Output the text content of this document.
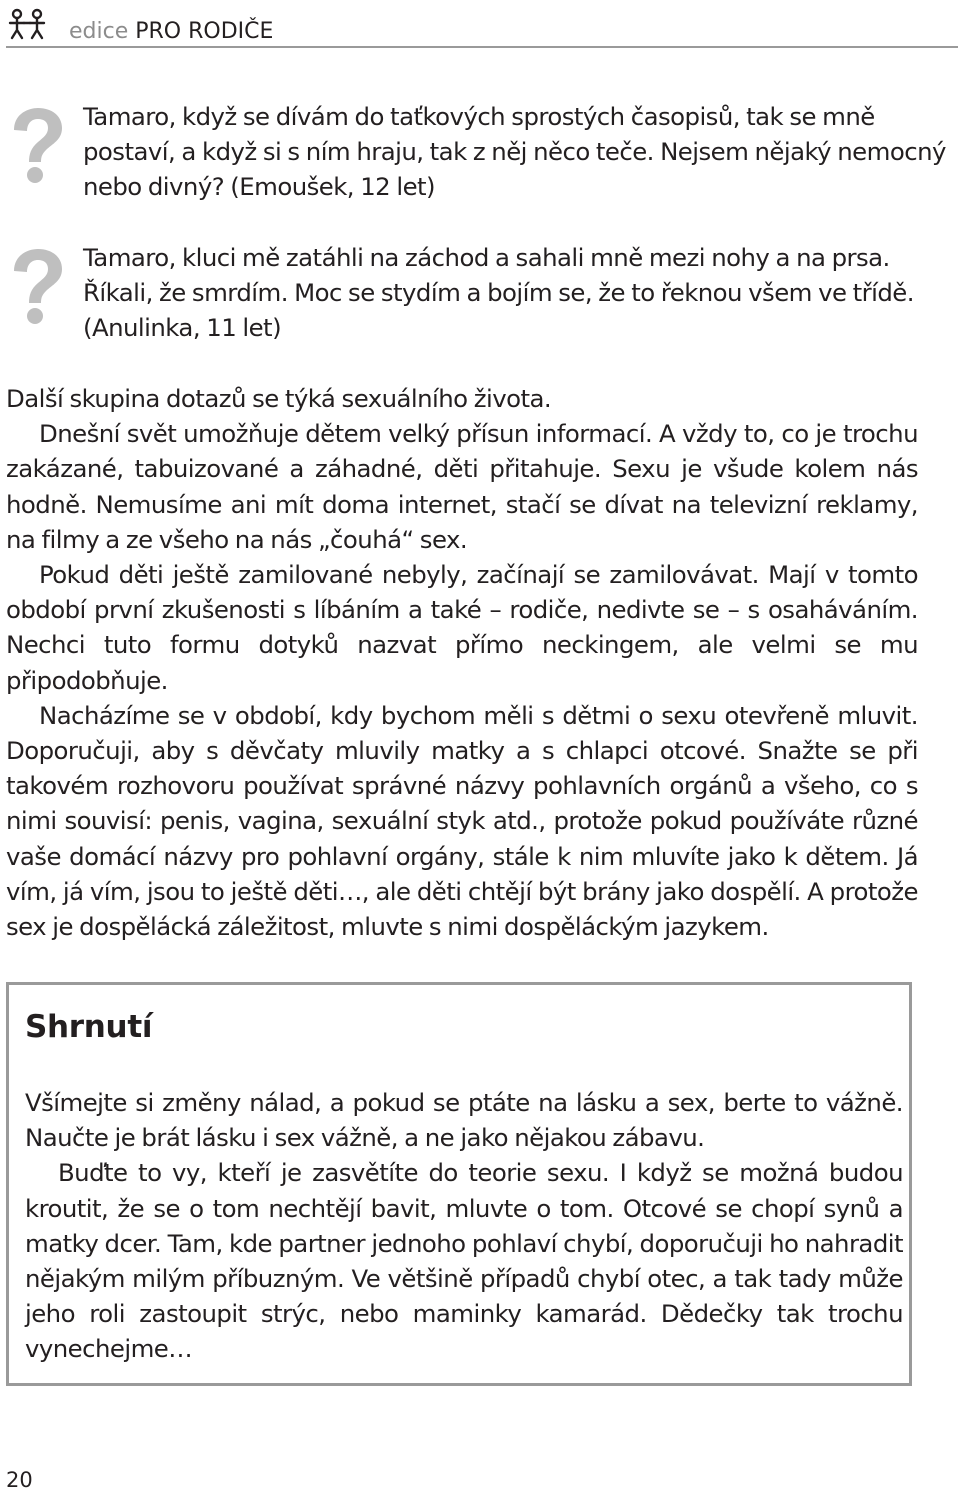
edice PRO RODIČE

Tamaro, když se dívám do taťkových sprostých časopisů, tak se mně postaví, a když si s ním hraju, tak z něj něco teče. Nejsem nějaký nemocný nebo divný? (Emoušek, 12 let)

Tamaro, kluci mě zatáhli na záchod a sahali mně mezi nohy a na prsa. Říkali, že smrdím. Moc se stydím a bojím se, že to řeknou všem ve třídě. (Anulinka, 11 let)

Další skupina dotazů se týká sexuálního života.

Dnešní svět umožňuje dětem velký přísun informací. A vždy to, co je trochu zakázané, tabuizované a záhadné, děti přitahuje. Sexu je všude kolem nás hodně. Nemusíme ani mít doma internet, stačí se dívat na televizní reklamy, na filmy a ze všeho na nás „čouhá“ sex.

Pokud děti ještě zamilované nebyly, začínají se zamilovávat. Mají v tomto období první zkušenosti s líbáním a také – rodiče, nedivte se – s osaháváním. Nechci tuto formu dotyků nazvat přímo neckingem, ale velmi se mu připodobňuje.

Nacházíme se v období, kdy bychom měli s dětmi o sexu otevřeně mluvit. Doporučuji, aby s děvčaty mluvily matky a s chlapci otcové. Snažte se při takovém rozhovoru používat správné názvy pohlavních orgánů a všeho, co s nimi souvisí: penis, vagina, sexuální styk atd., protože pokud používáte různé vaše domácí názvy pro pohlavní orgány, stále k nim mluvíte jako k dětem. Já vím, já vím, jsou to ještě děti…, ale děti chtějí být brány jako dospělí. A protože sex je dospělácká záležitost, mluvte s nimi dospěláckým jazykem.

Shrnutí

Všímejte si změny nálad, a pokud se ptáte na lásku a sex, berte to vážně. Naučte je brát lásku i sex vážně, a ne jako nějakou zábavu.

Buďte to vy, kteří je zasvětíte do teorie sexu. I když se možná budou kroutit, že se o tom nechtějí bavit, mluvte o tom. Otcové se chopí synů a matky dcer. Tam, kde partner jednoho pohlaví chybí, doporučuji ho nahradit nějakým milým příbuzným. Ve většině případů chybí otec, a tak tady může jeho roli zastoupit strýc, nebo maminky kamarád. Dědečky tak trochu vynechejme…

20
